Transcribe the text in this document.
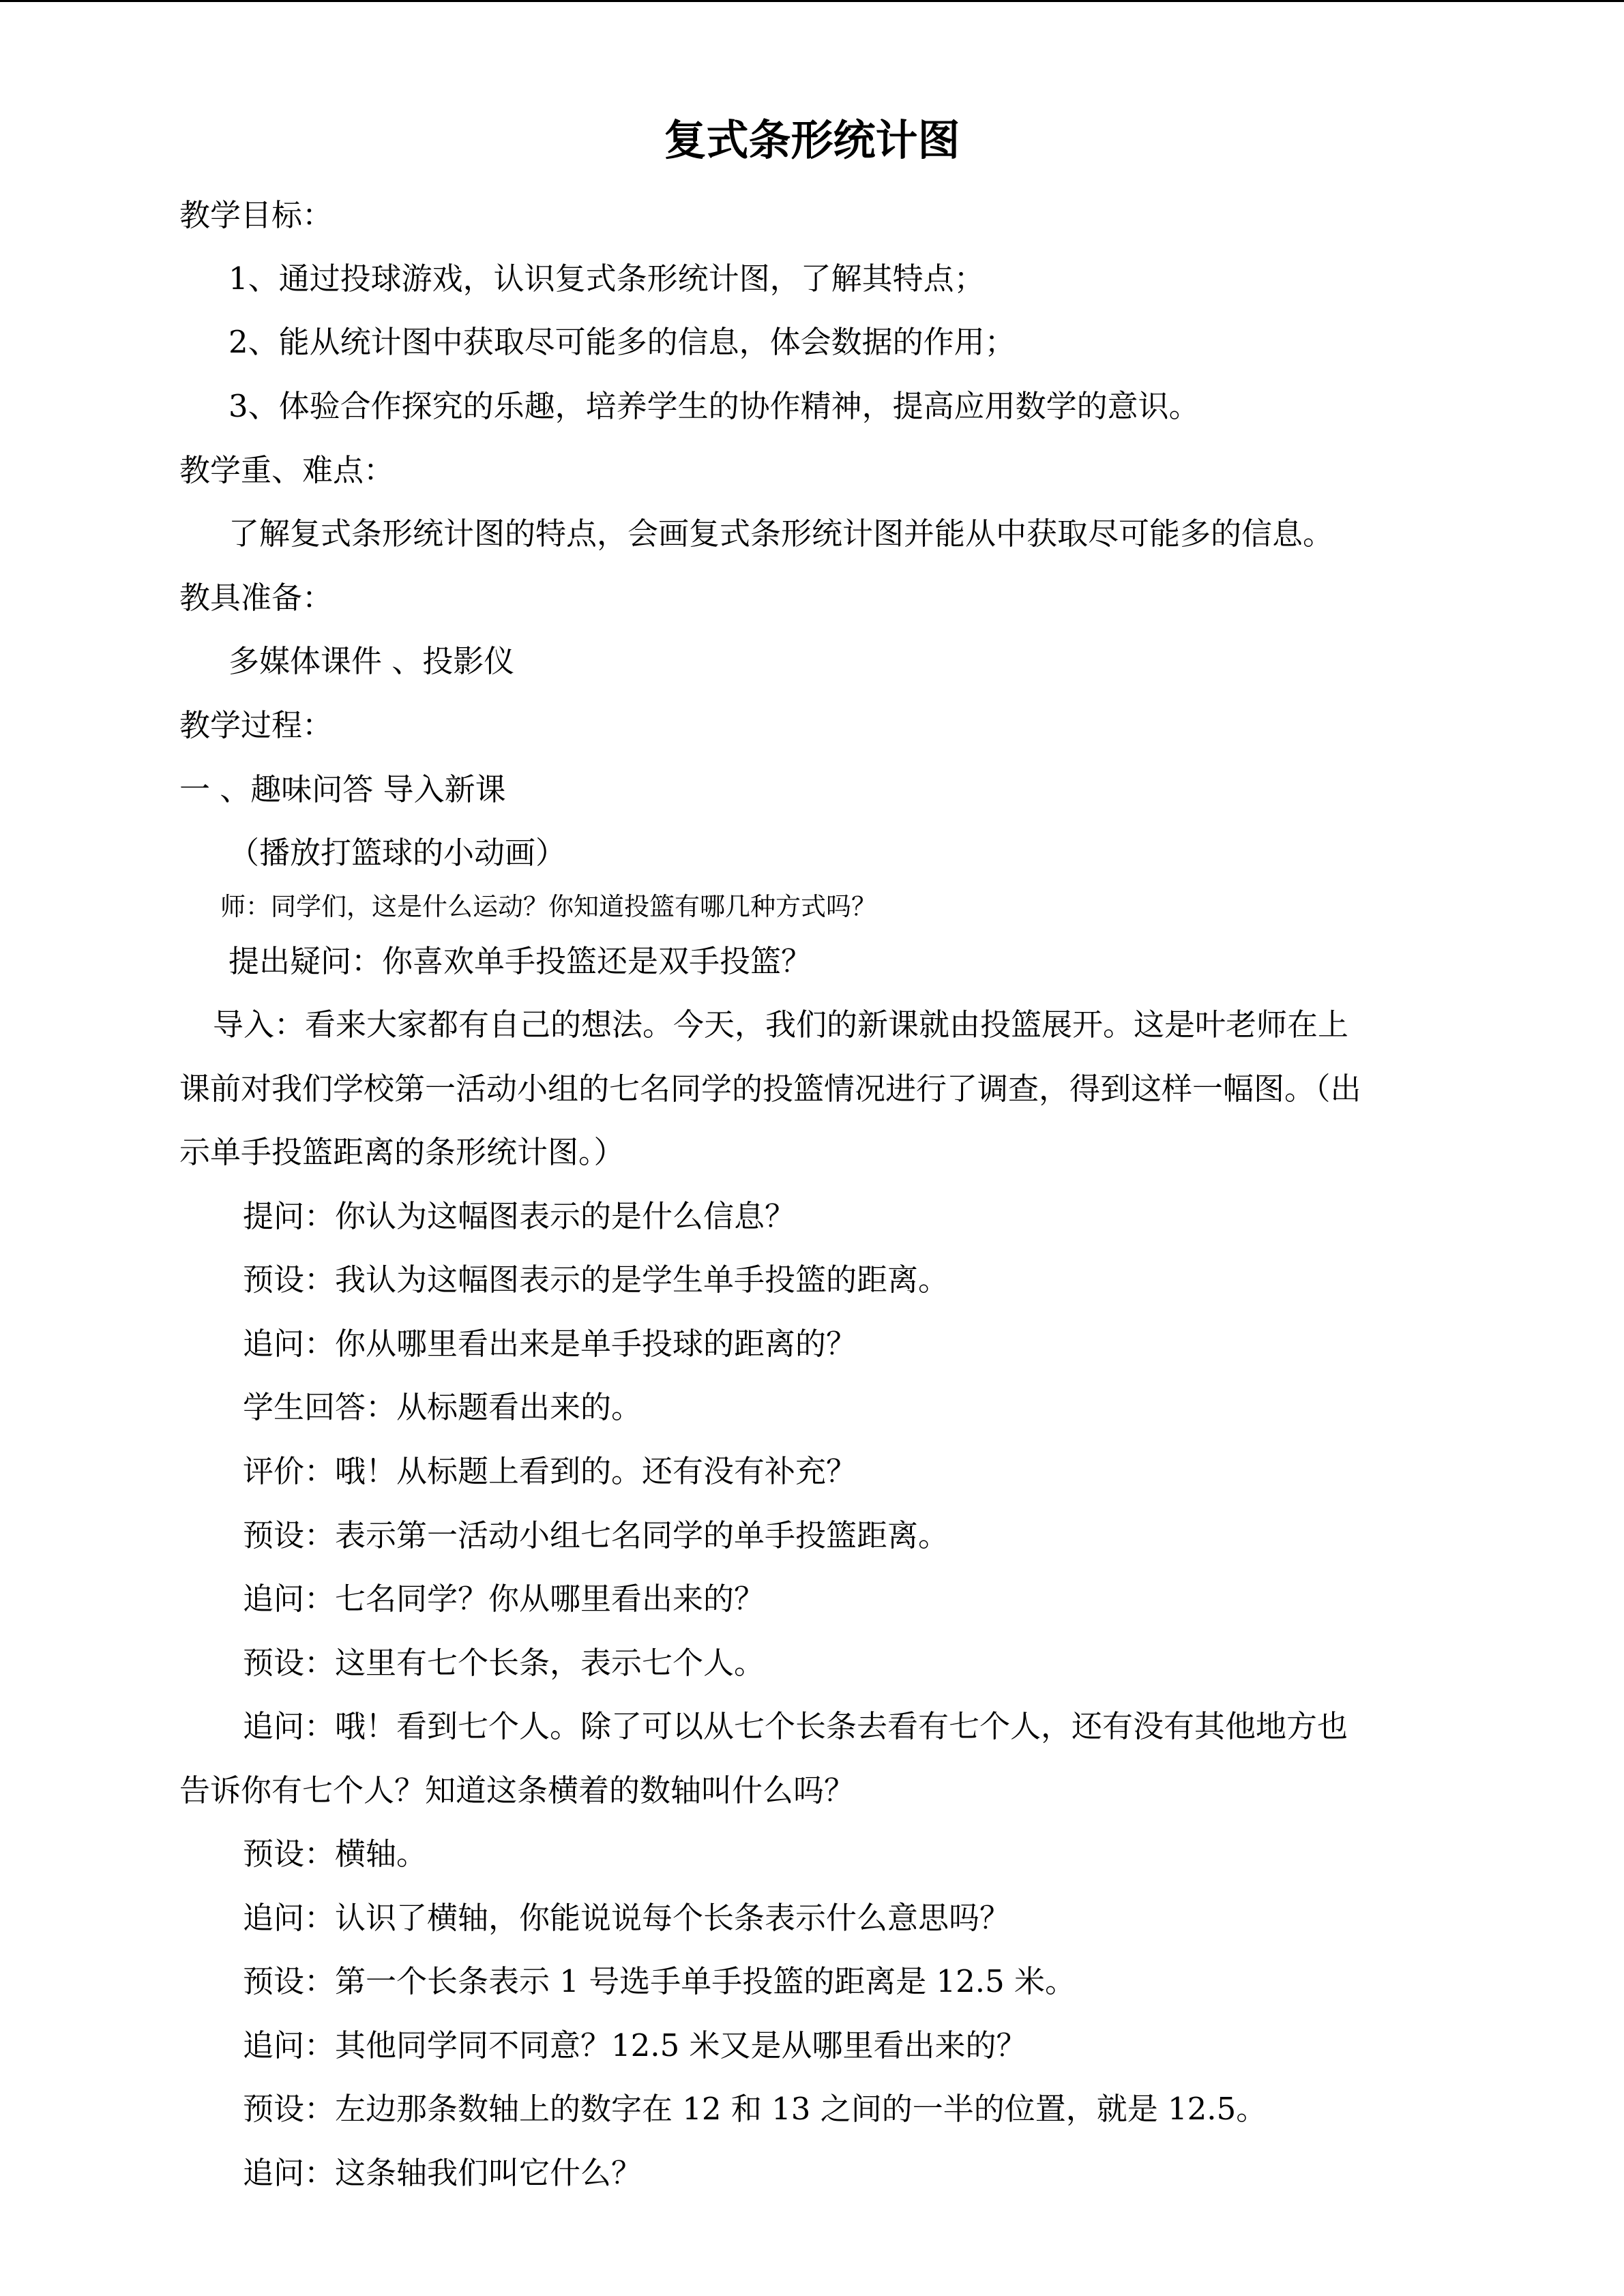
复式条形统计图
教学目标：
1、通过投球游戏，认识复式条形统计图，了解其特点；
2、能从统计图中获取尽可能多的信息，体会数据的作用；
3、体验合作探究的乐趣，培养学生的协作精神，提高应用数学的意识。
教学重、难点：
了解复式条形统计图的特点，会画复式条形统计图并能从中获取尽可能多的信息。
教具准备：
多媒体课件 、投影仪
教学过程：
一 、趣味问答 导入新课
（播放打篮球的小动画）
师：同学们，这是什么运动？你知道投篮有哪几种方式吗？
提出疑问：你喜欢单手投篮还是双手投篮？
导入：看来大家都有自己的想法。今天，我们的新课就由投篮展开。这是叶老师在上
课前对我们学校第一活动小组的七名同学的投篮情况进行了调查，得到这样一幅图。（出
示单手投篮距离的条形统计图。）
提问：你认为这幅图表示的是什么信息？
预设：我认为这幅图表示的是学生单手投篮的距离。
追问：你从哪里看出来是单手投球的距离的？
学生回答：从标题看出来的。
评价：哦！从标题上看到的。还有没有补充？
预设：表示第一活动小组七名同学的单手投篮距离。
追问：七名同学？你从哪里看出来的？
预设：这里有七个长条，表示七个人。
追问：哦！看到七个人。除了可以从七个长条去看有七个人，还有没有其他地方也
告诉你有七个人？知道这条横着的数轴叫什么吗？
预设：横轴。
追问：认识了横轴，你能说说每个长条表示什么意思吗？
预设：第一个长条表示 1 号选手单手投篮的距离是 12.5 米。
追问：其他同学同不同意？12.5 米又是从哪里看出来的？
预设：左边那条数轴上的数字在 12 和 13 之间的一半的位置，就是 12.5。
追问：这条轴我们叫它什么？
